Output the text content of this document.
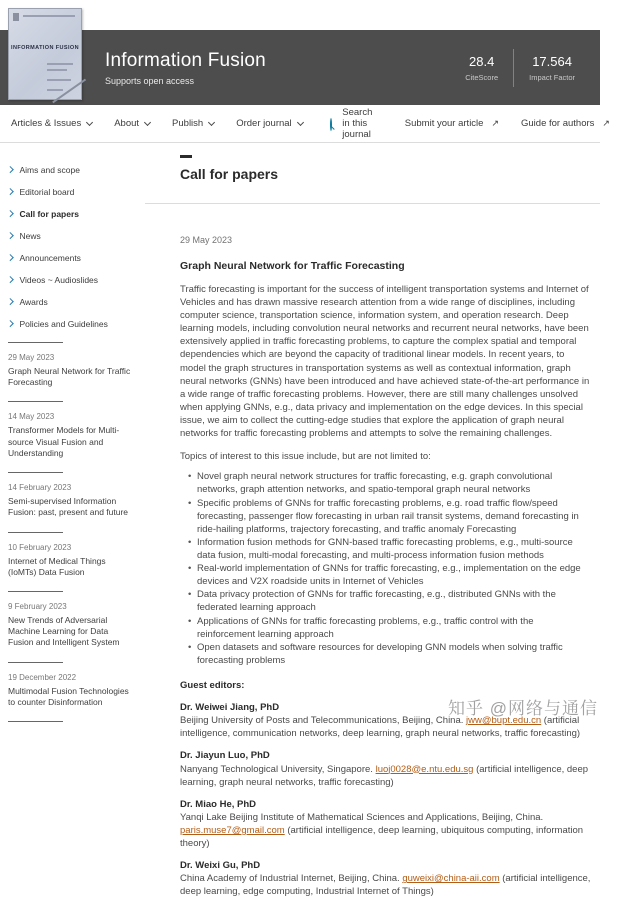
INFORMATION FUSION
Information Fusion
Supports open access
28.4
CiteScore
17.564
Impact Factor
Articles & Issues	About	Publish	Order journal
Search in this journal
Submit your article ↗ Guide for authors ↗
Aims and scope
Editorial board
Call for papers
News
Announcements
Videos ~ Audioslides
Awards
Policies and Guidelines
29 May 2023
Graph Neural Network for Traffic Forecasting
14 May 2023
Transformer Models for Multi-source Visual Fusion and Understanding
14 February 2023
Semi-supervised Information Fusion: past, present and future
10 February 2023
Internet of Medical Things (IoMTs) Data Fusion
9 February 2023
New Trends of Adversarial Machine Learning for Data Fusion and Intelligent System
19 December 2022
Multimodal Fusion Technologies to counter Disinformation
Call for papers
29 May 2023
Graph Neural Network for Traffic Forecasting

Traffic forecasting is important for the success of intelligent transportation systems and Internet of Vehicles and has drawn massive research attention from a wide range of disciplines, including computer science, transportation science, information system, and operation research. Deep learning models, including convolution neural networks and recurrent neural networks, have been extensively applied in traffic forecasting problems, to capture the complex spatial and temporal dependencies which are beyond the capacity of traditional linear models. In recent years, to model the graph structures in transportation systems as well as contextual information, graph neural networks (GNNs) have been introduced and have achieved state-of-the-art performance in a wide range of traffic forecasting problems. However, there are still many challenges unsolved when applying GNNs, e.g., data privacy and implementation on the edge devices. In this special issue, we aim to collect the cutting-edge studies that explore the application of graph neural networks for traffic forecasting problems and attempts to solve the remaining challenges.

Topics of interest to this issue include, but are not limited to:

• Novel graph neural network structures for traffic forecasting, e.g. graph convolutional networks, graph attention networks, and spatio-temporal graph neural networks
• Specific problems of GNNs for traffic forecasting problems, e.g. road traffic flow/speed forecasting, passenger flow forecasting in urban rail transit systems, demand forecasting in ride-hailing platforms, trajectory forecasting, and traffic anomaly Forecasting
• Information fusion methods for GNN-based traffic forecasting problems, e.g., multi-source data fusion, multi-modal forecasting, and multi-process information fusion methods
• Real-world implementation of GNNs for traffic forecasting, e.g., implementation on the edge devices and V2X roadside units in Internet of Vehicles
• Data privacy protection of GNNs for traffic forecasting, e.g., distributed GNNs with the federated learning approach
• Applications of GNNs for traffic forecasting problems, e.g., traffic control with the reinforcement learning approach
• Open datasets and software resources for developing GNN models when solving traffic forecasting problems
Guest editors:
Dr. Weiwei Jiang, PhD
Beijing University of Posts and Telecommunications, Beijing, China. jww@bupt.edu.cn (artificial intelligence, communication networks, deep learning, graph neural networks, traffic forecasting)
Dr. Jiayun Luo, PhD
Nanyang Technological University, Singapore. luoj0028@e.ntu.edu.sg (artificial intelligence, deep learning, graph neural networks, traffic forecasting)
Dr. Miao He, PhD
Yanqi Lake Beijing Institute of Mathematical Sciences and Applications, Beijing, China. paris.muse7@gmail.com (artificial intelligence, deep learning, ubiquitous computing, information theory)
Dr. Weixi Gu, PhD
China Academy of Industrial Internet, Beijing, China. guweixi@china-aii.com (artificial intelligence, deep learning, edge computing, Industrial Internet of Things)
知乎 @网络与通信
